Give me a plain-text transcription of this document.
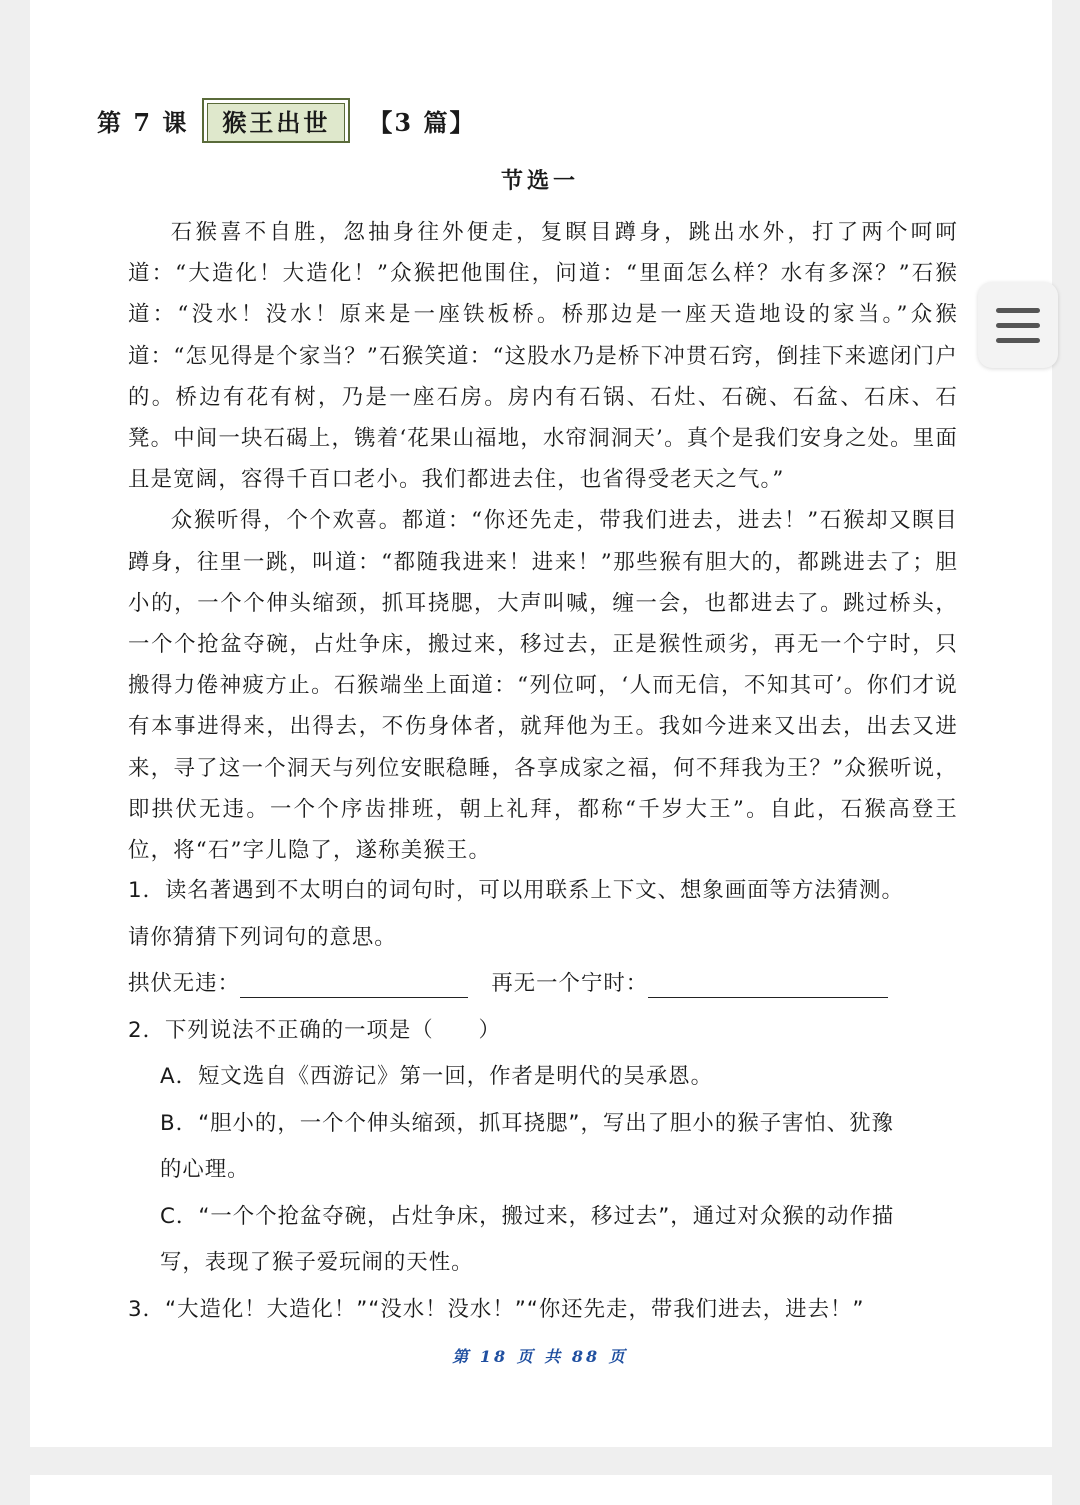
第 7 课	猴王出世	【3 篇】
节选一

石猴喜不自胜，忽抽身往外便走，复瞑目蹲身，跳出水外，打了两个呵呵道：“大造化！大造化！”众猴把他围住，问道：“里面怎么样？水有多深？”石猴道：“没水！没水！原来是一座铁板桥。桥那边是一座天造地设的家当。”众猴道：“怎见得是个家当？”石猴笑道：“这股水乃是桥下冲贯石窍，倒挂下来遮闭门户的。桥边有花有树，乃是一座石房。房内有石锅、石灶、石碗、石盆、石床、石凳。中间一块石碣上，镌着‘花果山福地，水帘洞洞天’。真个是我们安身之处。里面且是宽阔，容得千百口老小。我们都进去住，也省得受老天之气。”

众猴听得，个个欢喜。都道：“你还先走，带我们进去，进去！”石猴却又瞑目蹲身，往里一跳，叫道：“都随我进来！进来！”那些猴有胆大的，都跳进去了；胆小的，一个个伸头缩颈，抓耳挠腮，大声叫喊，缠一会，也都进去了。跳过桥头，一个个抢盆夺碗，占灶争床，搬过来，移过去，正是猴性顽劣，再无一个宁时，只搬得力倦神疲方止。石猴端坐上面道：“列位呵，‘人而无信，不知其可’。你们才说有本事进得来，出得去，不伤身体者，就拜他为王。我如今进来又出去，出去又进来，寻了这一个洞天与列位安眠稳睡，各享成家之福，何不拜我为王？”众猴听说，即拱伏无违。一个个序齿排班，朝上礼拜，都称“千岁大王”。自此，石猴高登王位，将“石”字儿隐了，遂称美猴王。

1．读名著遇到不太明白的词句时，可以用联系上下文、想象画面等方法猜测。

请你猜猜下列词句的意思。

拱伏无违：	再无一个宁时：

2．下列说法不正确的一项是（　　）

A．短文选自《西游记》第一回，作者是明代的吴承恩。

B．“胆小的，一个个伸头缩颈，抓耳挠腮”，写出了胆小的猴子害怕、犹豫

的心理。

C．“一个个抢盆夺碗，占灶争床，搬过来，移过去”，通过对众猴的动作描

写，表现了猴子爱玩闹的天性。

3．“大造化！大造化！”“没水！没水！”“你还先走，带我们进去，进去！”

第 18 页 共 88 页
